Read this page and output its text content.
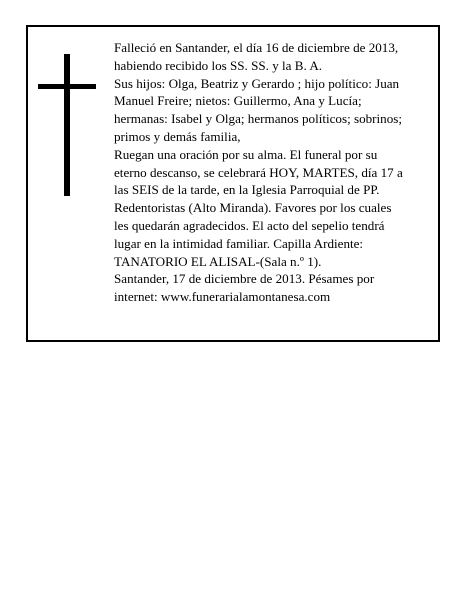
Falleció en Santander, el día 16 de diciembre de 2013,
habiendo recibido los SS. SS. y la B. A.
Sus hijos: Olga, Beatriz y Gerardo ; hijo político: Juan
Manuel Freire; nietos: Guillermo, Ana y Lucía;
hermanas: Isabel y Olga; hermanos políticos; sobrinos;
primos y demás familia,
Ruegan una oración por su alma. El funeral por su
eterno descanso, se celebrará HOY, MARTES, día 17 a
las SEIS de la tarde, en la Iglesia Parroquial de PP.
Redentoristas (Alto Miranda). Favores por los cuales
les quedarán agradecidos. El acto del sepelio tendrá
lugar en la intimidad familiar. Capilla Ardiente:
TANATORIO EL ALISAL-(Sala n.º 1).
Santander, 17 de diciembre de 2013. Pésames por
internet: www.funerarialamontanesa.com
